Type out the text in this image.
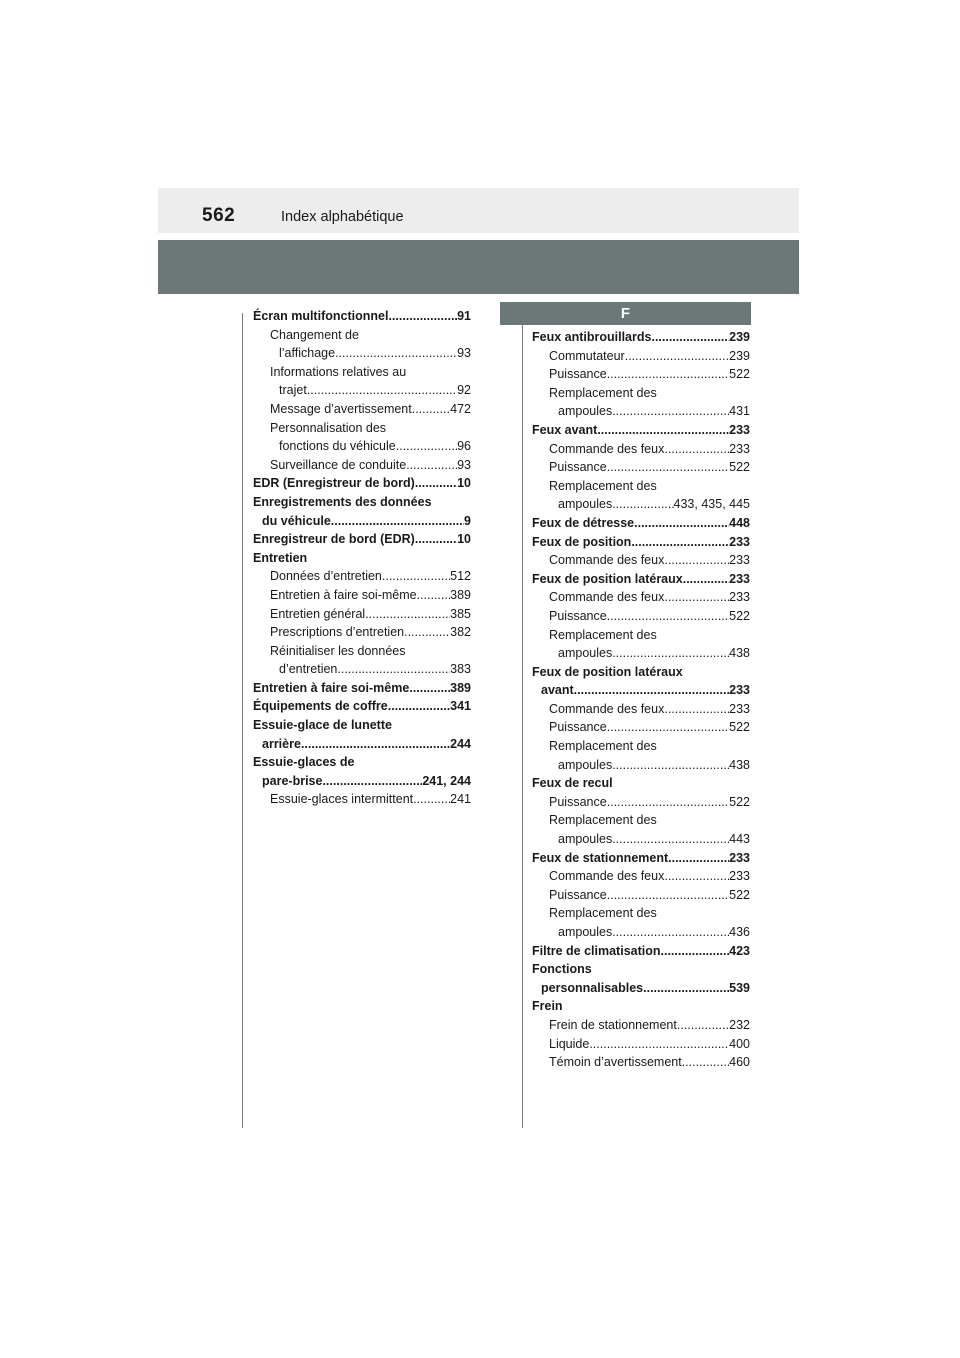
562	Index alphabétique
F
Écran multifonctionnel .....	91
Changement de
l’affichage .....	93
Informations relatives au
trajet .....	92
Message d’avertissement .....	472
Personnalisation des
fonctions du véhicule .....	96
Surveillance de conduite .....	93
EDR (Enregistreur de bord) .....	10
Enregistrements des données
du véhicule .....	9
Enregistreur de bord (EDR) .....	10
Entretien
Données d’entretien .....	512
Entretien à faire soi-même .....	389
Entretien général .....	385
Prescriptions d’entretien .....	382
Réinitialiser les données
d’entretien .....	383
Entretien à faire soi-même .....	389
Équipements de coffre .....	341
Essuie-glace de lunette
arrière .....	244
Essuie-glaces de
pare-brise .....	241, 244
Essuie-glaces intermittent .....	241
Feux antibrouillards .....	239
Commutateur .....	239
Puissance .....	522
Remplacement des
ampoules .....	431
Feux avant .....	233
Commande des feux .....	233
Puissance .....	522
Remplacement des
ampoules .....	433, 435, 445
Feux de détresse .....	448
Feux de position .....	233
Commande des feux .....	233
Feux de position latéraux .....	233
Commande des feux .....	233
Puissance .....	522
Remplacement des
ampoules .....	438
Feux de position latéraux
avant .....	233
Commande des feux .....	233
Puissance .....	522
Remplacement des
ampoules .....	438
Feux de recul
Puissance .....	522
Remplacement des
ampoules .....	443
Feux de stationnement .....	233
Commande des feux .....	233
Puissance .....	522
Remplacement des
ampoules .....	436
Filtre de climatisation .....	423
Fonctions
personnalisables .....	539
Frein
Frein de stationnement .....	232
Liquide .....	400
Témoin d’avertissement .....	460
